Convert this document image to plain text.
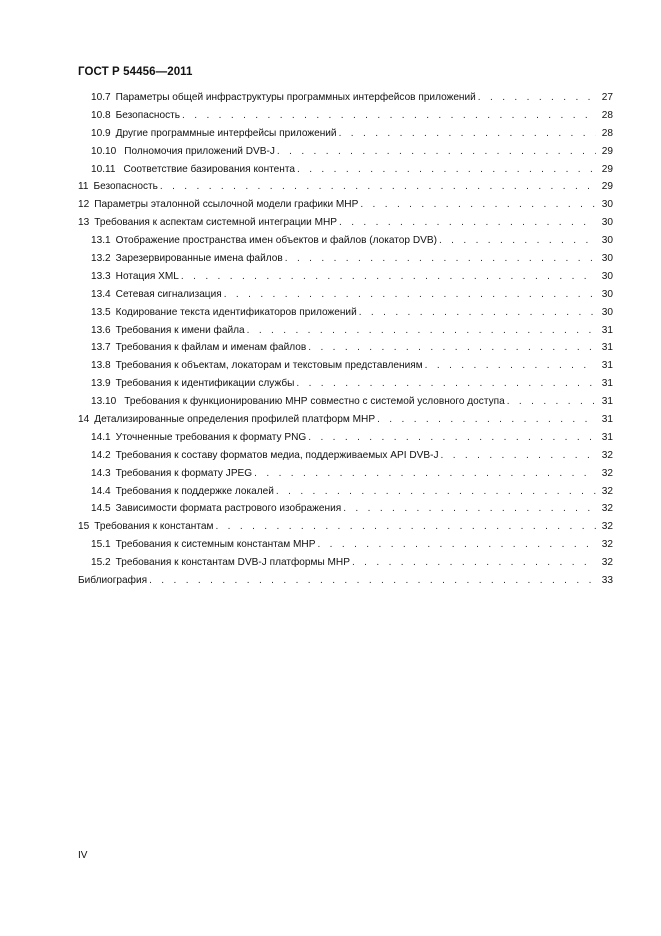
ГОСТ Р 54456—2011
10.7 Параметры общей инфраструктуры программных интерфейсов приложений . . .	27
10.8 Безопасность . . .	28
10.9 Другие программные интерфейсы приложений . . .	28
10.10 Полномочия приложений DVB-J . . .	29
10.11 Соответствие базирования контента . . .	29
11 Безопасность . . .	29
12 Параметры эталонной ссылочной модели графики МНР . . .	30
13 Требования к аспектам системной интеграции МНР . . .	30
13.1 Отображение пространства имен объектов и файлов (локатор DVB) . . .	30
13.2 Зарезервированные имена файлов . . .	30
13.3 Нотация XML . . .	30
13.4 Сетевая сигнализация . . .	30
13.5 Кодирование текста идентификаторов приложений . . .	30
13.6 Требования к имени файла . . .	31
13.7 Требования к файлам и именам файлов . . .	31
13.8 Требования к объектам, локаторам и текстовым представлениям . . .	31
13.9 Требования к идентификации службы . . .	31
13.10 Требования к функционированию МНР совместно с системой условного доступа . . .	31
14 Детализированные определения профилей платформ МНР . . .	31
14.1 Уточненные требования к формату PNG . . .	31
14.2 Требования к составу форматов медиа, поддерживаемых API DVB-J . . .	32
14.3 Требования к формату JPEG . . .	32
14.4 Требования к поддержке локалей . . .	32
14.5 Зависимости формата растрового изображения . . .	32
15 Требования к константам . . .	32
15.1 Требования к системным константам МНР . . .	32
15.2 Требования к константам DVB-J платформы МНР . . .	32
Библиография . . .	33
IV
